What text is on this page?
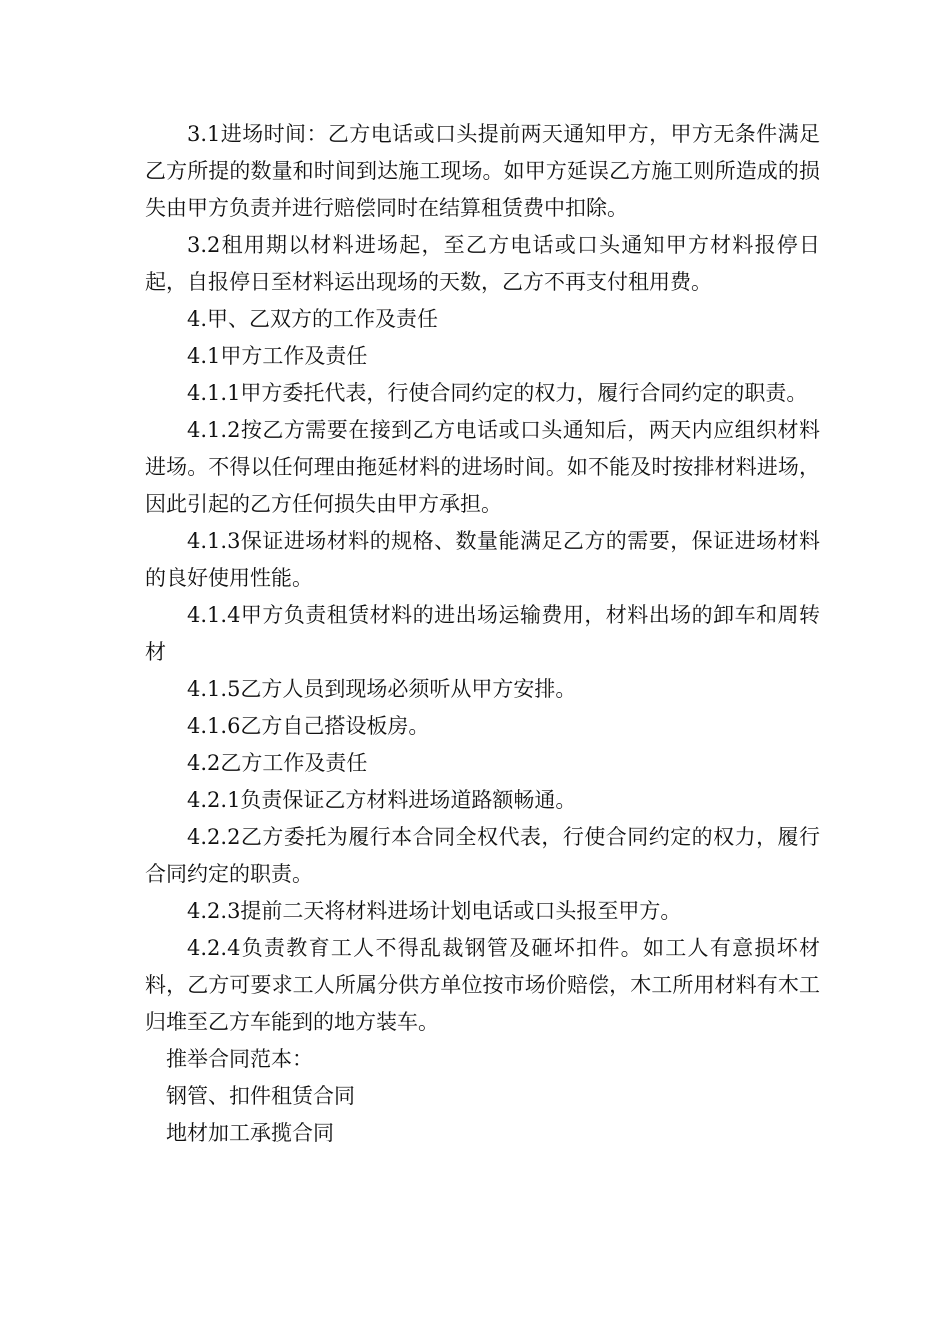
3.1进场时间：乙方电话或口头提前两天通知甲方，甲方无条件满足乙方所提的数量和时间到达施工现场。如甲方延误乙方施工则所造成的损失由甲方负责并进行赔偿同时在结算租赁费中扣除。

3.2租用期以材料进场起，至乙方电话或口头通知甲方材料报停日起，自报停日至材料运出现场的天数，乙方不再支付租用费。

4.甲、乙双方的工作及责任

4.1甲方工作及责任

4.1.1甲方委托代表，行使合同约定的权力，履行合同约定的职责。

4.1.2按乙方需要在接到乙方电话或口头通知后，两天内应组织材料进场。不得以任何理由拖延材料的进场时间。如不能及时按排材料进场，因此引起的乙方任何损失由甲方承担。

4.1.3保证进场材料的规格、数量能满足乙方的需要，保证进场材料的良好使用性能。

4.1.4甲方负责租赁材料的进出场运输费用，材料出场的卸车和周转材

4.1.5乙方人员到现场必须听从甲方安排。

4.1.6乙方自己搭设板房。

4.2乙方工作及责任

4.2.1负责保证乙方材料进场道路额畅通。

4.2.2乙方委托为履行本合同全权代表，行使合同约定的权力，履行合同约定的职责。

4.2.3提前二天将材料进场计划电话或口头报至甲方。

4.2.4负责教育工人不得乱裁钢管及砸坏扣件。如工人有意损坏材料，乙方可要求工人所属分供方单位按市场价赔偿，木工所用材料有木工归堆至乙方车能到的地方装车。

推举合同范本：

钢管、扣件租赁合同

地材加工承揽合同
